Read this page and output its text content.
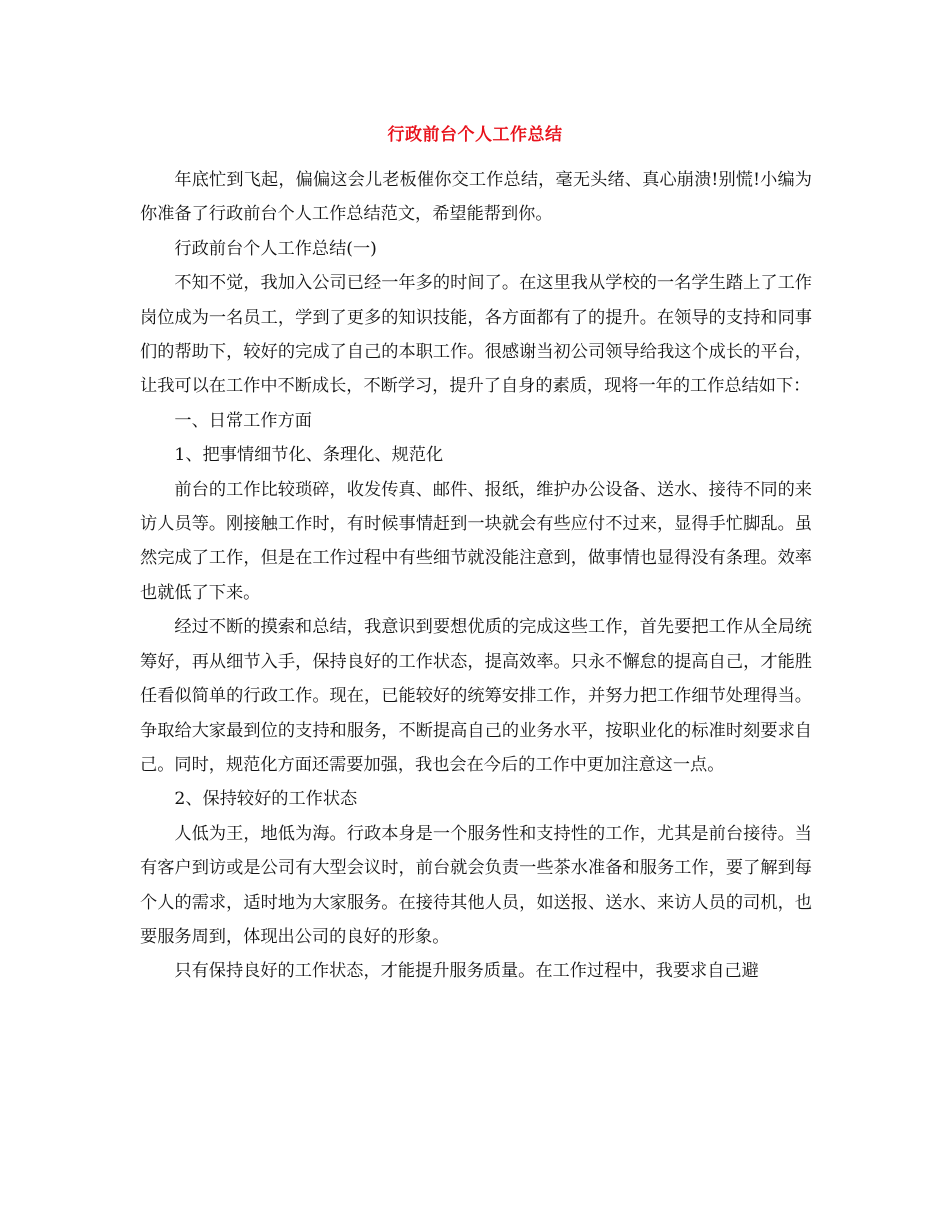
行政前台个人工作总结

年底忙到飞起，偏偏这会儿老板催你交工作总结，毫无头绪、真心崩溃!别慌!小编为你准备了行政前台个人工作总结范文，希望能帮到你。

行政前台个人工作总结(一)

不知不觉，我加入公司已经一年多的时间了。在这里我从学校的一名学生踏上了工作岗位成为一名员工，学到了更多的知识技能，各方面都有了的提升。在领导的支持和同事们的帮助下，较好的完成了自己的本职工作。很感谢当初公司领导给我这个成长的平台，让我可以在工作中不断成长，不断学习，提升了自身的素质，现将一年的工作总结如下：

一、日常工作方面

1、把事情细节化、条理化、规范化

前台的工作比较琐碎，收发传真、邮件、报纸，维护办公设备、送水、接待不同的来访人员等。刚接触工作时，有时候事情赶到一块就会有些应付不过来，显得手忙脚乱。虽然完成了工作，但是在工作过程中有些细节就没能注意到，做事情也显得没有条理。效率也就低了下来。

经过不断的摸索和总结，我意识到要想优质的完成这些工作，首先要把工作从全局统筹好，再从细节入手，保持良好的工作状态，提高效率。只永不懈怠的提高自己，才能胜任看似简单的行政工作。现在，已能较好的统筹安排工作，并努力把工作细节处理得当。争取给大家最到位的支持和服务，不断提高自己的业务水平，按职业化的标准时刻要求自己。同时，规范化方面还需要加强，我也会在今后的工作中更加注意这一点。

2、保持较好的工作状态

人低为王，地低为海。行政本身是一个服务性和支持性的工作，尤其是前台接待。当有客户到访或是公司有大型会议时，前台就会负责一些茶水准备和服务工作，要了解到每个人的需求，适时地为大家服务。在接待其他人员，如送报、送水、来访人员的司机，也要服务周到，体现出公司的良好的形象。

只有保持良好的工作状态，才能提升服务质量。在工作过程中，我要求自己避
